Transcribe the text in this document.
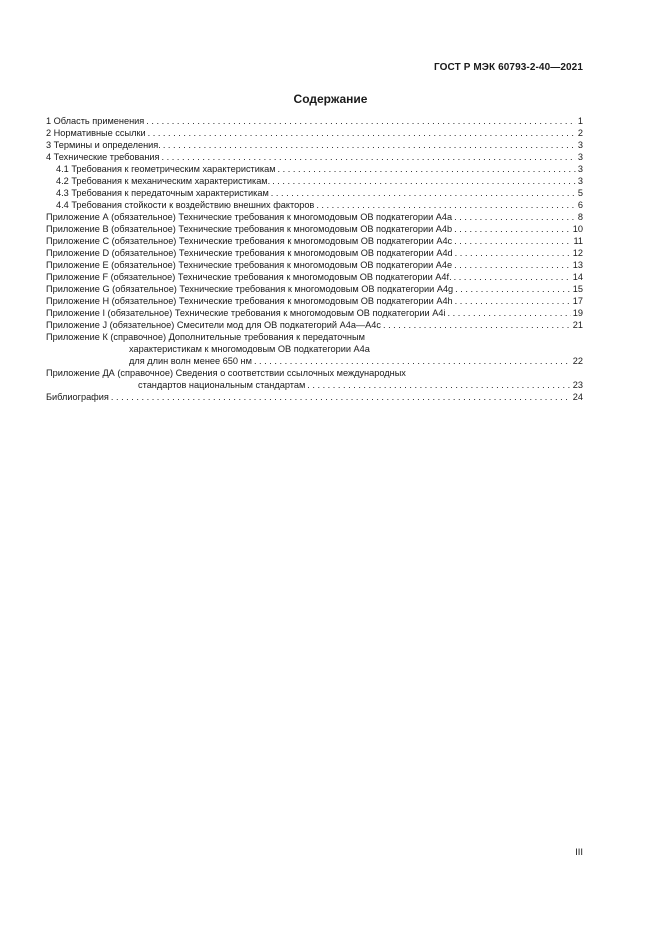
ГОСТ Р МЭК 60793-2-40—2021
Содержание
1 Область применения . . .	1
2 Нормативные ссылки . . .	2
3 Термины и определения. . . .	3
4 Технические требования . . .	3
4.1 Требования к геометрическим характеристикам . . .	3
4.2 Требования к механическим характеристикам. . . .	3
4.3 Требования к передаточным характеристикам . . .	5
4.4 Требования стойкости к воздействию внешних факторов . . .	6
Приложение А (обязательное) Технические требования к многомодовым ОВ подкатегории А4а . . .	8
Приложение В (обязательное) Технические требования к многомодовым ОВ подкатегории А4b . . .	10
Приложение С (обязательное) Технические требования к многомодовым ОВ подкатегории А4с . . .	11
Приложение D (обязательное) Технические требования к многомодовым ОВ подкатегории А4d . . .	12
Приложение Е (обязательное) Технические требования к многомодовым ОВ подкатегории А4е . . .	13
Приложение F (обязательное) Технические требования к многомодовым ОВ подкатегории А4f. . . .	14
Приложение G (обязательное) Технические требования к многомодовым ОВ подкатегории А4g . . .	15
Приложение Н (обязательное) Технические требования к многомодовым ОВ подкатегории А4h . . .	17
Приложение I (обязательное) Технические требования к многомодовым ОВ подкатегории А4i . . .	19
Приложение J (обязательное) Смесители мод для ОВ подкатегорий А4а—А4с . . .	21
Приложение К (справочное) Дополнительные требования к передаточным
характеристикам к многомодовым ОВ подкатегории А4а
для длин волн менее 650 нм . . .	22
Приложение ДА (справочное) Сведения о соответствии ссылочных международных
стандартов национальным стандартам . . .	23
Библиография . . .	24
III
